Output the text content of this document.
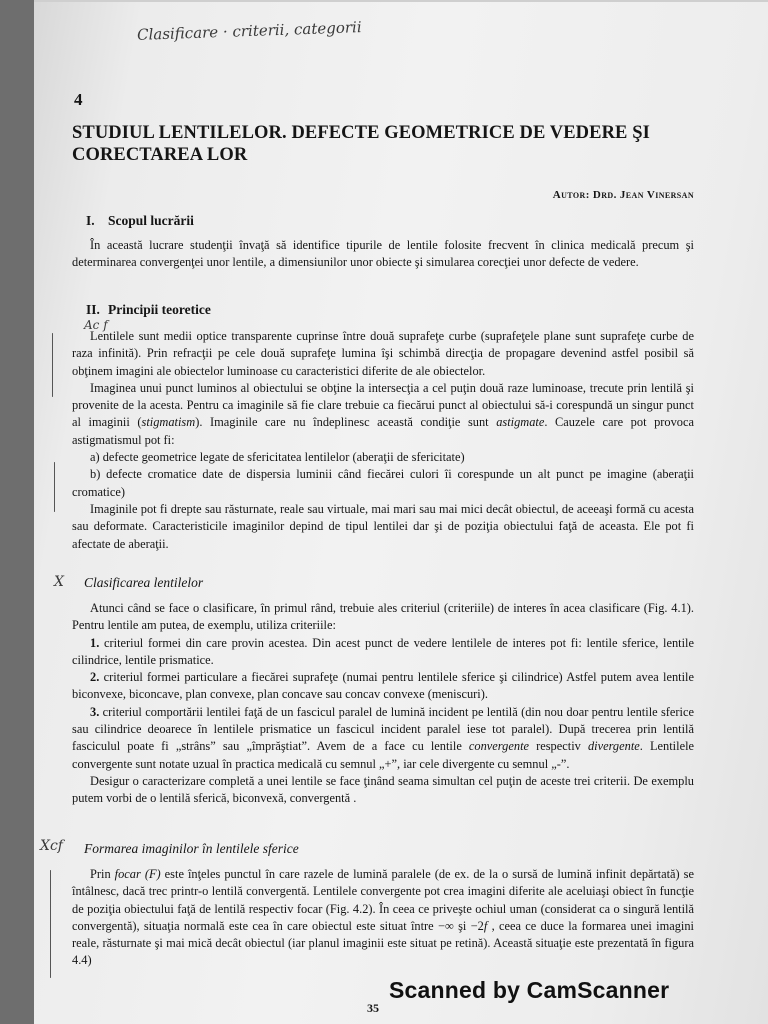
Clasificare · criterii, categorii
4
STUDIUL LENTILELOR. DEFECTE GEOMETRICE DE VEDERE ŞI
CORECTAREA LOR
Autor: Drd. Jean Vinersan
I. Scopul lucrării

În această lucrare studenţii învaţă să identifice tipurile de lentile folosite frecvent în clinica medicală precum şi determinarea convergenţei unor lentile, a dimensiunilor unor obiecte şi simularea corecţiei unor defecte de vedere.

II. Principii teoretice
Ac f

Lentilele sunt medii optice transparente cuprinse între două suprafeţe curbe (suprafeţele plane sunt suprafeţe curbe de raza infinită). Prin refracţii pe cele două suprafeţe lumina îşi schimbă direcţia de propagare devenind astfel posibil să obţinem imagini ale obiectelor luminoase cu caracteristici diferite de ale obiectelor.

Imaginea unui punct luminos al obiectului se obţine la intersecţia a cel puţin două raze luminoase, trecute prin lentilă şi provenite de la acesta. Pentru ca imaginile să fie clare trebuie ca fiecărui punct al obiectului să-i corespundă un singur punct al imaginii (stigmatism). Imaginile care nu îndeplinesc această condiţie sunt astigmate. Cauzele care pot provoca astigmatismul pot fi:

a) defecte geometrice legate de sfericitatea lentilelor (aberaţii de sfericitate)

b) defecte cromatice date de dispersia luminii când fiecărei culori îi corespunde un alt punct pe imagine (aberaţii cromatice)

Imaginile pot fi drepte sau răsturnate, reale sau virtuale, mai mari sau mai mici decât obiectul, de aceeaşi formă cu acesta sau deformate. Caracteristicile imaginilor depind de tipul lentilei dar şi de poziţia obiectului faţă de aceasta. Ele pot fi afectate de aberaţii.

X Clasificarea lentilelor

Atunci când se face o clasificare, în primul rând, trebuie ales criteriul (criteriile) de interes în acea clasificare (Fig. 4.1). Pentru lentile am putea, de exemplu, utiliza criteriile:

1. criteriul formei din care provin acestea. Din acest punct de vedere lentilele de interes pot fi: lentile sferice, lentile cilindrice, lentile prismatice.

2. criteriul formei particulare a fiecărei suprafeţe (numai pentru lentilele sferice şi cilindrice) Astfel putem avea lentile biconvexe, biconcave, plan convexe, plan concave sau concav convexe (meniscuri).

3. criteriul comportării lentilei faţă de un fascicul paralel de lumină incident pe lentilă (din nou doar pentru lentile sferice sau cilindrice deoarece în lentilele prismatice un fascicul incident paralel iese tot paralel). După trecerea prin lentilă fasciculul poate fi „strâns” sau „împrăştiat”. Avem de a face cu lentile convergente respectiv divergente. Lentilele convergente sunt notate uzual în practica medicală cu semnul „+”, iar cele divergente cu semnul „-”.

Desigur o caracterizare completă a unei lentile se face ţinând seama simultan cel puţin de aceste trei criterii. De exemplu putem vorbi de o lentilă sferică, biconvexă, convergentă .

Xcf Formarea imaginilor în lentilele sferice

Prin focar (F) este înţeles punctul în care razele de lumină paralele (de ex. de la o sursă de lumină infinit depărtată) se întâlnesc, dacă trec printr-o lentilă convergentă. Lentilele convergente pot crea imagini diferite ale aceluiaşi obiect în funcţie de poziţia obiectului faţă de lentilă respectiv focar (Fig. 4.2). În ceea ce priveşte ochiul uman (considerat ca o singură lentilă convergentă), situaţia normală este cea în care obiectul este situat între −∞ şi −2f , ceea ce duce la formarea unei imagini reale, răsturnate şi mai mică decât obiectul (iar planul imaginii este situat pe retină). Această situaţie este prezentată în figura 4.4)

35
Scanned by CamScanner
